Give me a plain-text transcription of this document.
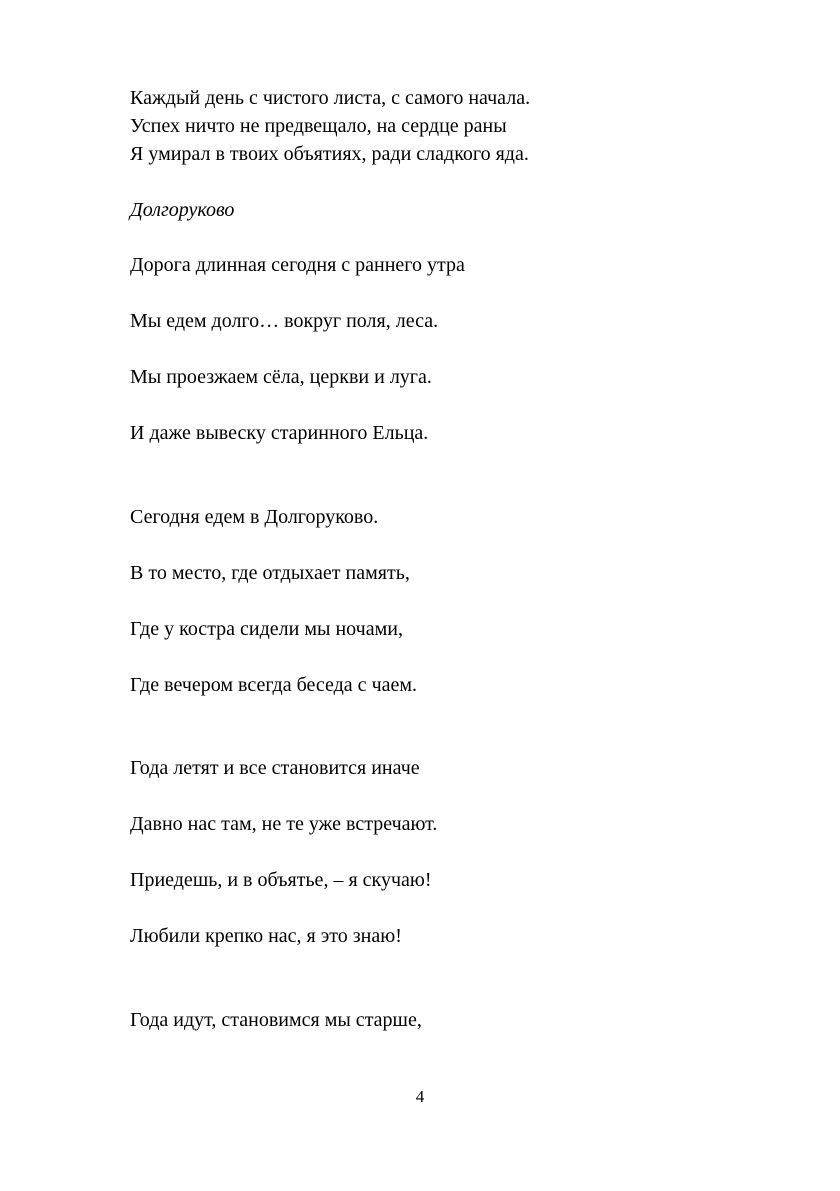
Каждый день с чистого листа, с самого начала.
Успех ничто не предвещало, на сердце раны
Я умирал в твоих объятиях, ради сладкого яда.
Долгоруково
Дорога длинная сегодня с раннего утра
Мы едем долго… вокруг поля, леса.
Мы проезжаем сёла, церкви и луга.
И даже вывеску старинного Ельца.
Сегодня едем в Долгоруково.
В то место, где отдыхает память,
Где у костра сидели мы ночами,
Где вечером всегда беседа с чаем.
Года летят и все становится иначе
Давно нас там, не те уже встречают.
Приедешь, и в объятье, – я скучаю!
Любили крепко нас, я это знаю!
Года идут, становимся мы старше,
4
